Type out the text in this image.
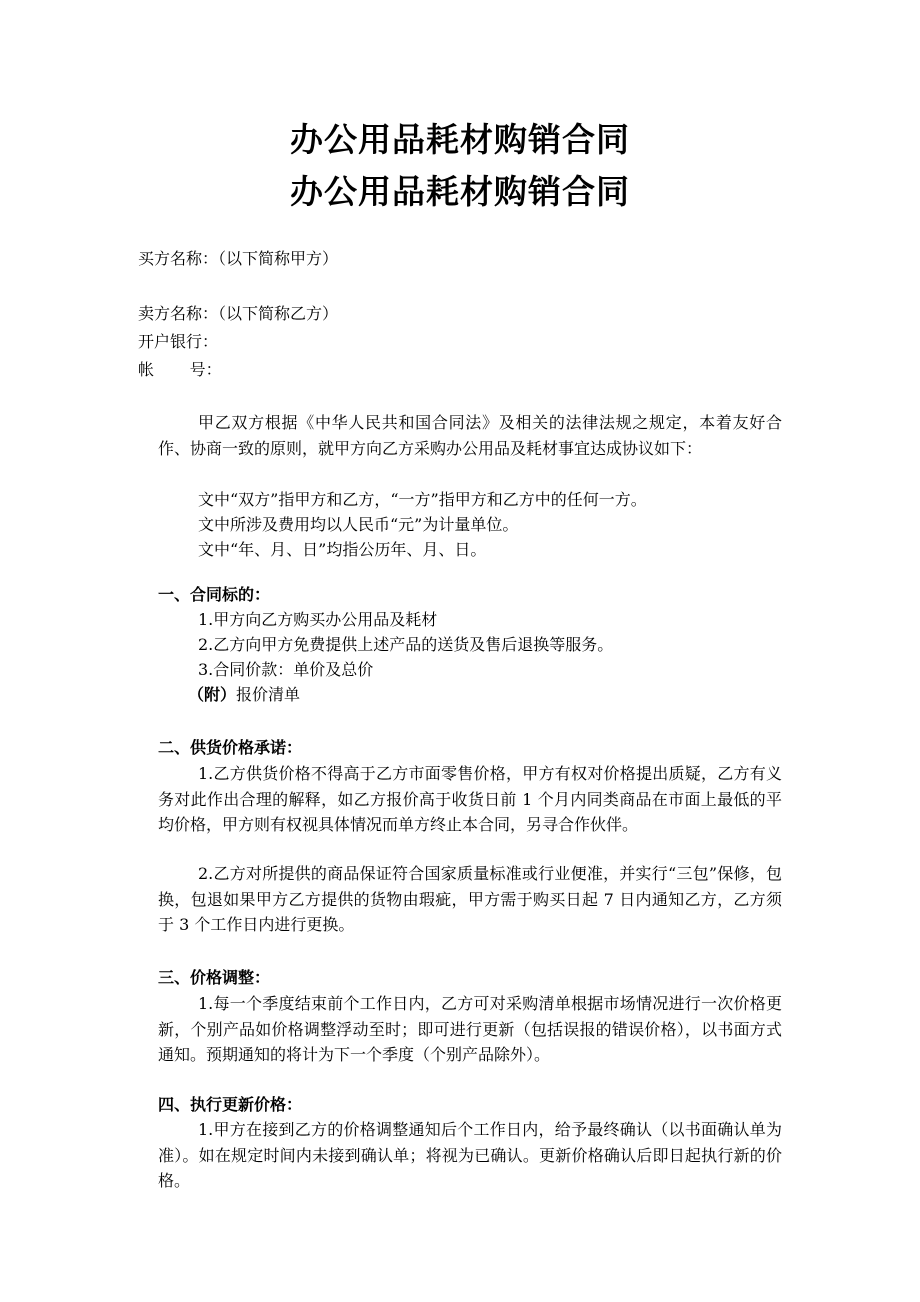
办公用品耗材购销合同
办公用品耗材购销合同
买方名称：（以下简称甲方）
卖方名称：（以下简称乙方）
开户银行：
帐       号：
甲乙双方根据《中华人民共和国合同法》及相关的法律法规之规定，本着友好合作、协商一致的原则，就甲方向乙方采购办公用品及耗材事宜达成协议如下：
文中“双方”指甲方和乙方，“一方”指甲方和乙方中的任何一方。
文中所涉及费用均以人民币“元”为计量单位。
文中“年、月、日”均指公历年、月、日。
一、合同标的：
1.甲方向乙方购买办公用品及耗材
2.乙方向甲方免费提供上述产品的送货及售后退换等服务。
3.合同价款：单价及总价
（附）报价清单
二、供货价格承诺：
1.乙方供货价格不得高于乙方市面零售价格，甲方有权对价格提出质疑，乙方有义务对此作出合理的解释，如乙方报价高于收货日前 1 个月内同类商品在市面上最低的平均价格，甲方则有权视具体情况而单方终止本合同，另寻合作伙伴。
2.乙方对所提供的商品保证符合国家质量标准或行业便准，并实行“三包”保修，包换，包退如果甲方乙方提供的货物由瑕疵，甲方需于购买日起 7 日内通知乙方，乙方须于 3 个工作日内进行更换。
三、价格调整：
1.每一个季度结束前个工作日内，乙方可对采购清单根据市场情况进行一次价格更新，个别产品如价格调整浮动至时；即可进行更新（包括误报的错误价格），以书面方式通知。预期通知的将计为下一个季度（个别产品除外）。
四、执行更新价格：
1.甲方在接到乙方的价格调整通知后个工作日内，给予最终确认（以书面确认单为准）。如在规定时间内未接到确认单；将视为已确认。更新价格确认后即日起执行新的价格。
